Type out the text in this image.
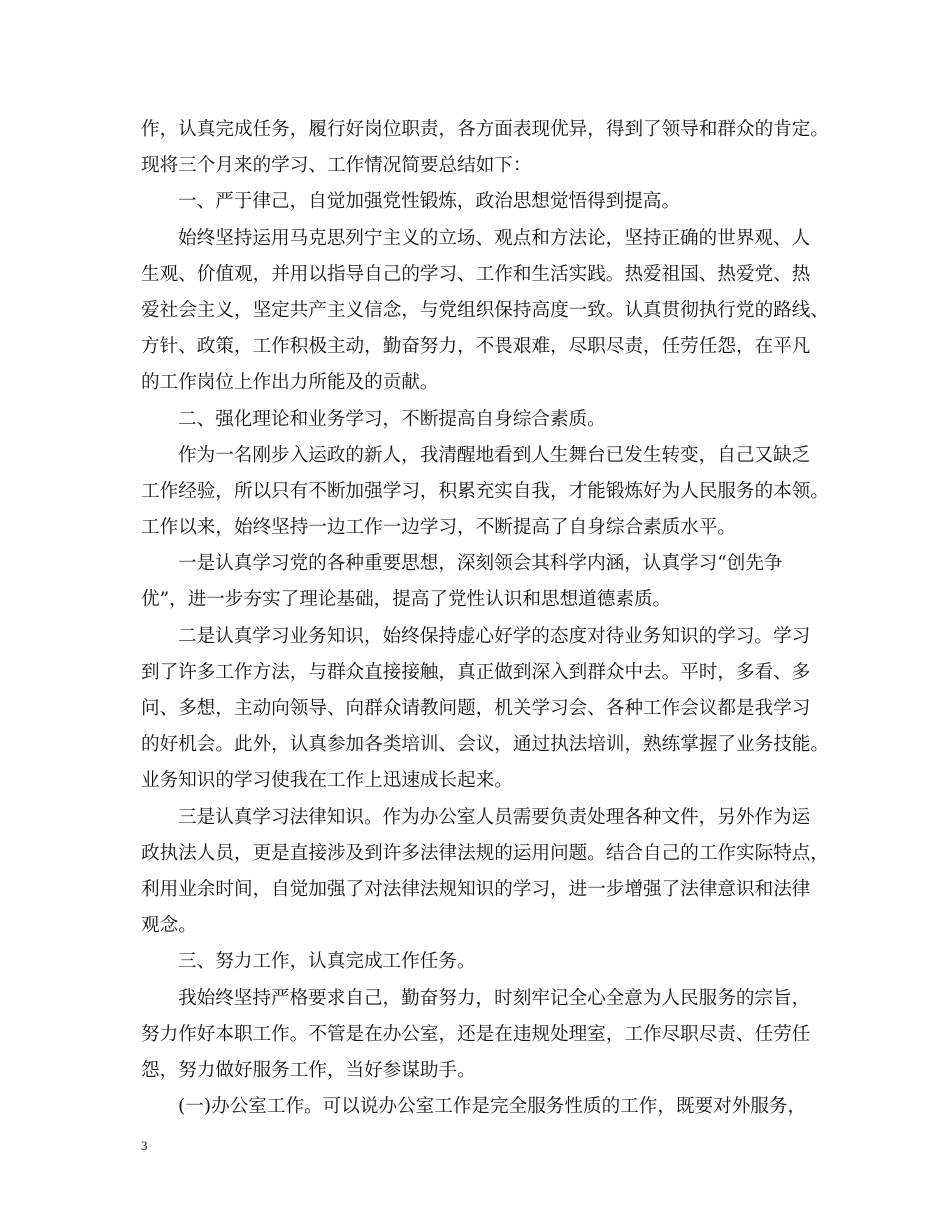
作，认真完成任务，履行好岗位职责，各方面表现优异，得到了领导和群众的肯定。
现将三个月来的学习、工作情况简要总结如下：
一、严于律己，自觉加强党性锻炼，政治思想觉悟得到提高。
始终坚持运用马克思列宁主义的立场、观点和方法论，坚持正确的世界观、人
生观、价值观，并用以指导自己的学习、工作和生活实践。热爱祖国、热爱党、热
爱社会主义，坚定共产主义信念，与党组织保持高度一致。认真贯彻执行党的路线、
方针、政策，工作积极主动，勤奋努力，不畏艰难，尽职尽责，任劳任怨，在平凡
的工作岗位上作出力所能及的贡献。
二、强化理论和业务学习，不断提高自身综合素质。
作为一名刚步入运政的新人，我清醒地看到人生舞台已发生转变，自己又缺乏
工作经验，所以只有不断加强学习，积累充实自我，才能锻炼好为人民服务的本领。
工作以来，始终坚持一边工作一边学习，不断提高了自身综合素质水平。
一是认真学习党的各种重要思想，深刻领会其科学内涵，认真学习“创先争
优”，进一步夯实了理论基础，提高了党性认识和思想道德素质。
二是认真学习业务知识，始终保持虚心好学的态度对待业务知识的学习。学习
到了许多工作方法，与群众直接接触，真正做到深入到群众中去。平时，多看、多
问、多想，主动向领导、向群众请教问题，机关学习会、各种工作会议都是我学习
的好机会。此外，认真参加各类培训、会议，通过执法培训，熟练掌握了业务技能。
业务知识的学习使我在工作上迅速成长起来。
三是认真学习法律知识。作为办公室人员需要负责处理各种文件，另外作为运
政执法人员，更是直接涉及到许多法律法规的运用问题。结合自己的工作实际特点，
利用业余时间，自觉加强了对法律法规知识的学习，进一步增强了法律意识和法律
观念。
三、努力工作，认真完成工作任务。
我始终坚持严格要求自己，勤奋努力，时刻牢记全心全意为人民服务的宗旨，
努力作好本职工作。不管是在办公室，还是在违规处理室，工作尽职尽责、任劳任
怨，努力做好服务工作，当好参谋助手。
(一)办公室工作。可以说办公室工作是完全服务性质的工作，既要对外服务，
3
